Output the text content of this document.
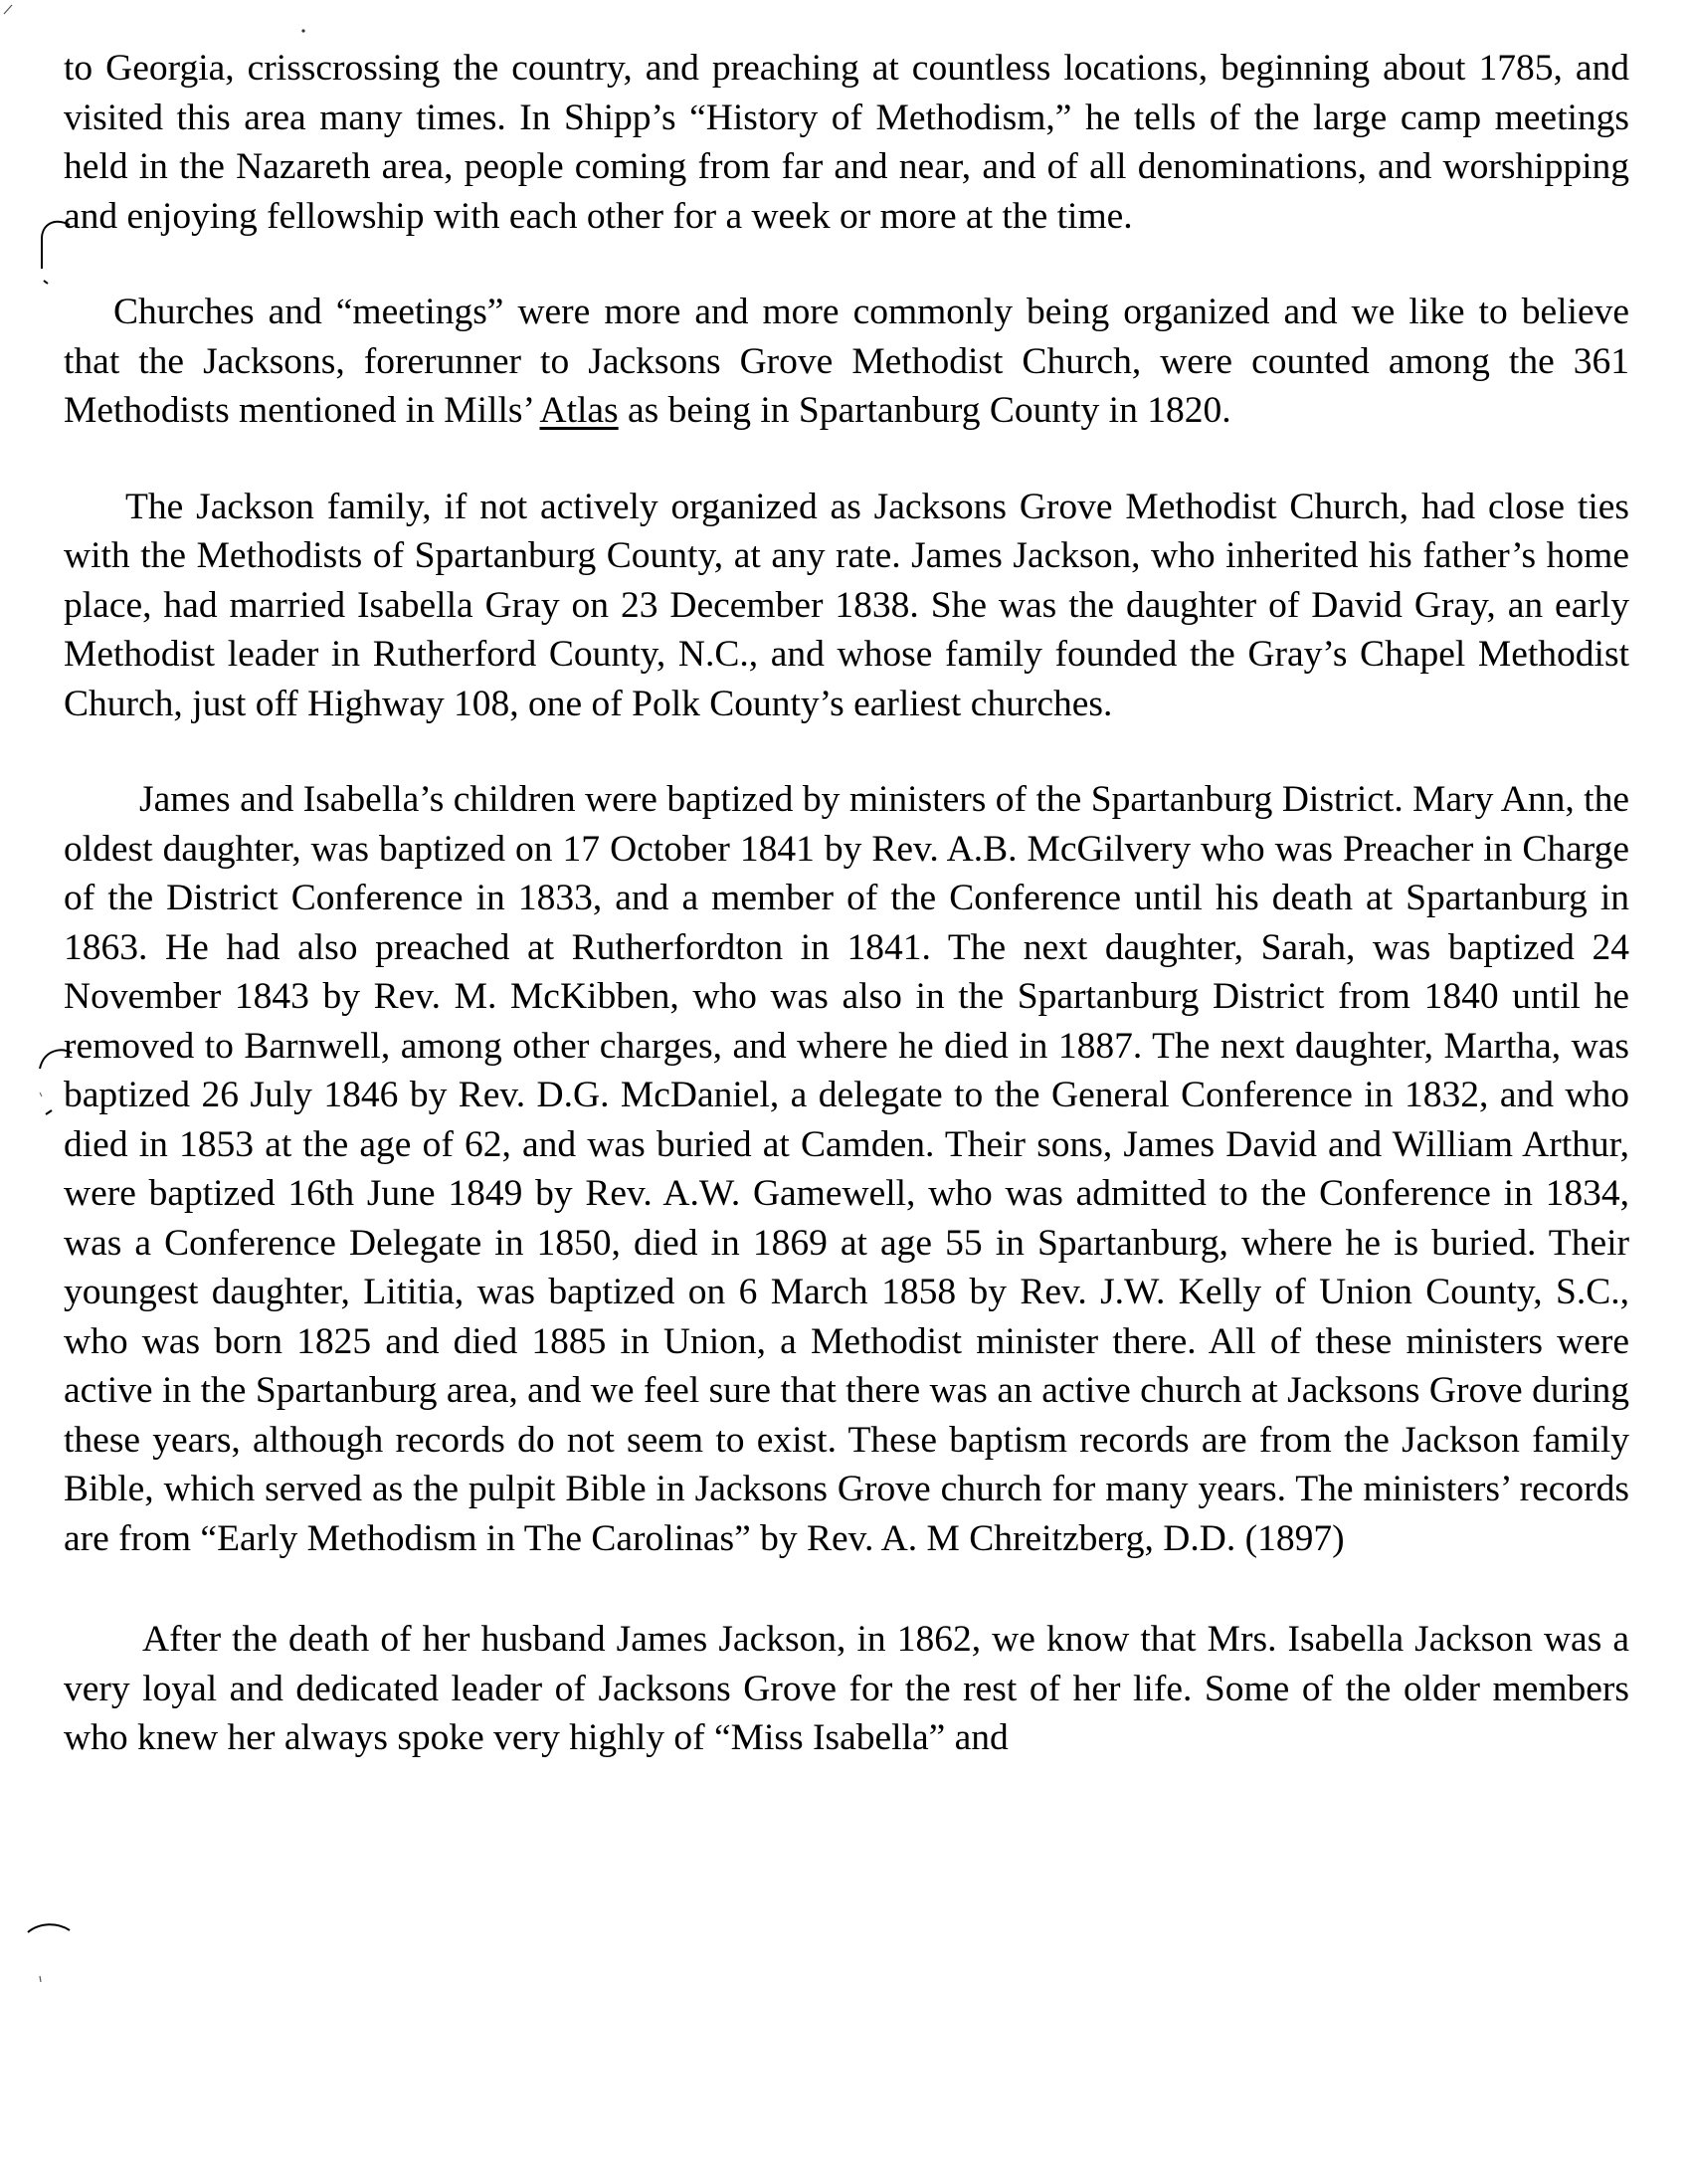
to Georgia, crisscrossing the country, and preaching at countless locations, beginning about 1785, and visited this area many times. In Shipp’s “History of Methodism,” he tells of the large camp meetings held in the Nazareth area, people coming from far and near, and of all denominations, and worshipping and enjoying fellowship with each other for a week or more at the time.

Churches and “meetings” were more and more commonly being organized and we like to believe that the Jacksons, forerunner to Jacksons Grove Methodist Church, were counted among the 361 Methodists mentioned in Mills’ Atlas as being in Spartanburg County in 1820.

The Jackson family, if not actively organized as Jacksons Grove Methodist Church, had close ties with the Methodists of Spartanburg County, at any rate. James Jackson, who inherited his father’s home place, had married Isabella Gray on 23 December 1838. She was the daughter of David Gray, an early Methodist leader in Rutherford County, N.C., and whose family founded the Gray’s Chapel Methodist Church, just off Highway 108, one of Polk County’s earliest churches.

James and Isabella’s children were baptized by ministers of the Spartanburg District. Mary Ann, the oldest daughter, was baptized on 17 October 1841 by Rev. A.B. McGilvery who was Preacher in Charge of the District Conference in 1833, and a member of the Conference until his death at Spartanburg in 1863. He had also preached at Rutherfordton in 1841. The next daughter, Sarah, was baptized 24 November 1843 by Rev. M. McKibben, who was also in the Spartanburg District from 1840 until he removed to Barnwell, among other charges, and where he died in 1887. The next daughter, Martha, was baptized 26 July 1846 by Rev. D.G. McDaniel, a delegate to the General Conference in 1832, and who died in 1853 at the age of 62, and was buried at Camden. Their sons, James David and William Arthur, were baptized 16th June 1849 by Rev. A.W. Gamewell, who was admitted to the Conference in 1834, was a Conference Delegate in 1850, died in 1869 at age 55 in Spartanburg, where he is buried. Their youngest daughter, Lititia, was baptized on 6 March 1858 by Rev. J.W. Kelly of Union County, S.C., who was born 1825 and died 1885 in Union, a Methodist minister there. All of these ministers were active in the Spartanburg area, and we feel sure that there was an active church at Jacksons Grove during these years, although records do not seem to exist. These baptism records are from the Jackson family Bible, which served as the pulpit Bible in Jacksons Grove church for many years. The ministers’ records are from “Early Methodism in The Carolinas” by Rev. A. M Chreitzberg, D.D. (1897)

After the death of her husband James Jackson, in 1862, we know that Mrs. Isabella Jackson was a very loyal and dedicated leader of Jacksons Grove for the rest of her life. Some of the older members who knew her always spoke very highly of “Miss Isabella” and
